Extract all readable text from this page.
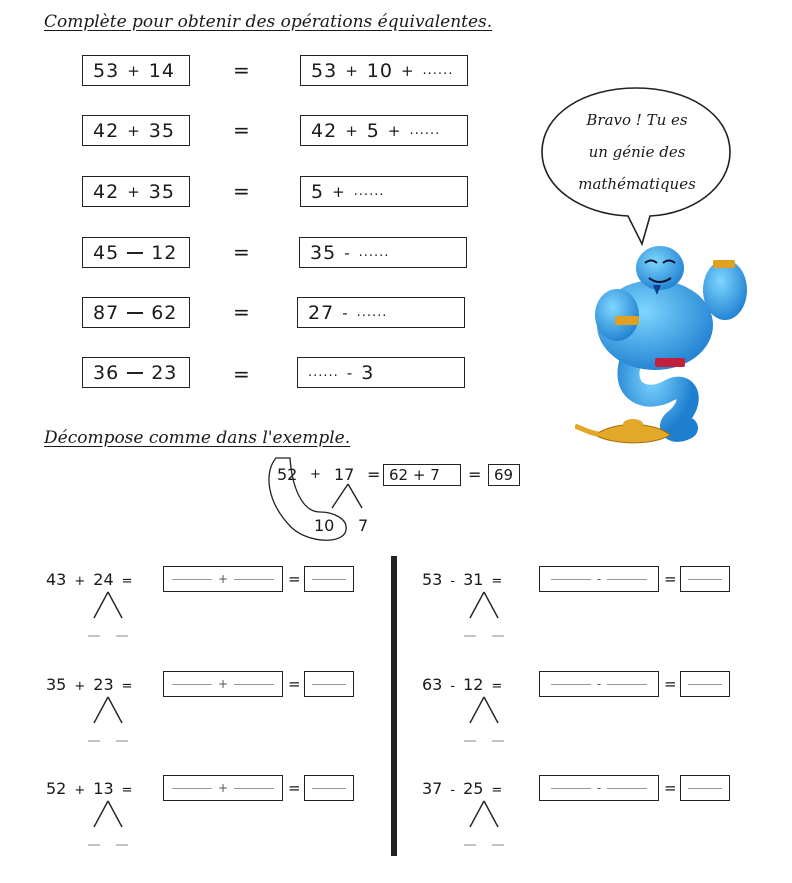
Complète pour obtenir des opérations équivalentes.
53 + 14	=	53 + 10 + ......
42 + 35	=	42 + 5 + ......
42 + 35	=	5 + ......
45 12	=	35 - ......
87 62	=	27 - ......
36 23	=	...... - 3
Bravo ! Tu es
un génie des
mathématiques
Décompose comme dans l'exemple.
52 + 17 = 62 + 7	= 69
10 7
43 + 24 =	+	=
35 + 23 =	+	=
52 + 13 =	+	=
53 - 31 =	-	=
63 - 12 =	-	=
37 - 25 =	-	=
